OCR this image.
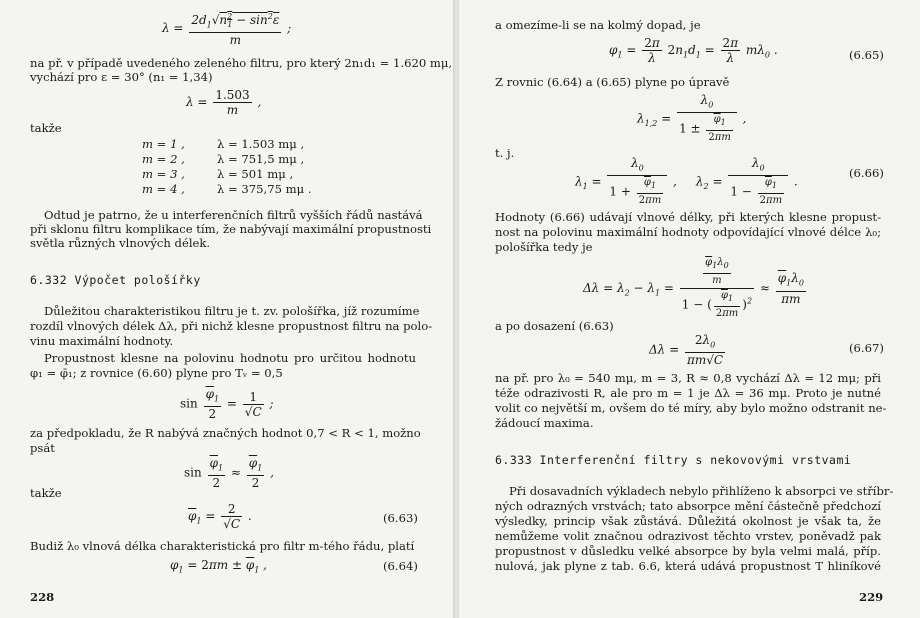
$\lambda = \frac{2d_1√n^2_1 - \sin^2\varepsilon}{m}$ ;
na př. v případě uvedeného zeleného filtru, pro který 2n₁d₁ = 1.620 mμ,
vychází pro ε = 30° (n₁ = 1,34)
$\lambda = \frac{1.503}{m}$ ,
takže
m = 1 ,	λ = 1.503 mμ ,
m = 2 ,	λ = 751,5 mμ ,
m = 3 ,	λ = 501 mμ ,
m = 4 ,	λ = 375,75 mμ .
Odtud je patrno, že u interferenčních filtrů vyšších řádů nastává
při sklonu filtru komplikace tím, že nabývají maximální propustnosti
světla různých vlnových délek.
6.332 Výpočet pološířky
Důležitou charakteristikou filtru je t. zv. pološířka, jíž rozumíme
rozdíl vlnových délek Δλ, při nichž klesne propustnost filtru na polo-
vinu maximální hodnoty.
Propustnost klesne na polovinu hodnotu pro určitou hodnotu
φ₁ = φ̄₁; z rovnice (6.60) plyne pro Tᵥ = 0,5
$\sin \frac{\overline{\varphi}_1}{2} = \frac{1}{√C}$ ;
za předpokladu, že R nabývá značných hodnot 0,7 < R < 1, možno
psát
$\sin \frac{\overline{\varphi}_1}{2} \approx \frac{\overline{\varphi}_1}{2}$ ,
takže
$\overline{\varphi}_1 = \frac{2}{√C}$ .	(6.63)
Budiž λ₀ vlnová délka charakteristická pro filtr m-tého řádu, platí
$\varphi_1 = 2\pi m \pm \overline{\varphi}_1$ ,	(6.64)
228
a omezíme-li se na kolmý dopad, je
$\varphi_1 = \frac{2\pi}{\lambda} 2n_1d_1 = \frac{2\pi}{\lambda} m\lambda_0$ .	(6.65)
Z rovnic (6.64) a (6.65) plyne po úpravě
$\lambda_{1,2} = \frac{\lambda_0}{1 \pm \frac{\overline{\varphi}_1}{2\pi m}}$ ,
t. j.
$\lambda_1 = \frac{\lambda_0}{1 + \frac{\overline{\varphi}_1}{2\pi m}}$ ,     $\lambda_2 = \frac{\lambda_0}{1 - \frac{\overline{\varphi}_1}{2\pi m}}$ .
(6.66)
Hodnoty (6.66) udávají vlnové délky, při kterých klesne propust-
nost na polovinu maximální hodnoty odpovídající vlnové délce λ₀;
pološířka tedy je
$\Delta\lambda = \lambda_2 - \lambda_1 = \frac{\frac{\overline{\varphi}_1\lambda_0}{m}}{1 - ( \frac{\overline{\varphi}_1}{2\pi m} )^2} \approx \frac{\overline{\varphi}_1\lambda_0}{\pi m}$
a po dosazení (6.63)
$\Delta\lambda = \frac{2\lambda_0}{\pi m√C}$	(6.67)
na př. pro λ₀ = 540 mμ, m = 3, R ≈ 0,8 vychází Δλ = 12 mμ; při
téže odrazivosti R, ale pro m = 1 je Δλ = 36 mμ. Proto je nutné
volit co největší m, ovšem do té míry, aby bylo možno odstranit ne-
žádoucí maxima.
6.333 Interferenční filtry s nekovovými vrstvami
Při dosavadních výkladech nebylo přihlíženo k absorpci ve stříbr-
ných odrazných vrstvách; tato absorpce mění částečně předchozí
výsledky, princip však zůstává. Důležitá okolnost je však ta, že
nemůžeme volit značnou odrazivost těchto vrstev, poněvadž pak
propustnost v důsledku velké absorpce by byla velmi malá, příp.
nulová, jak plyne z tab. 6.6, která udává propustnost T hliníkové
229
